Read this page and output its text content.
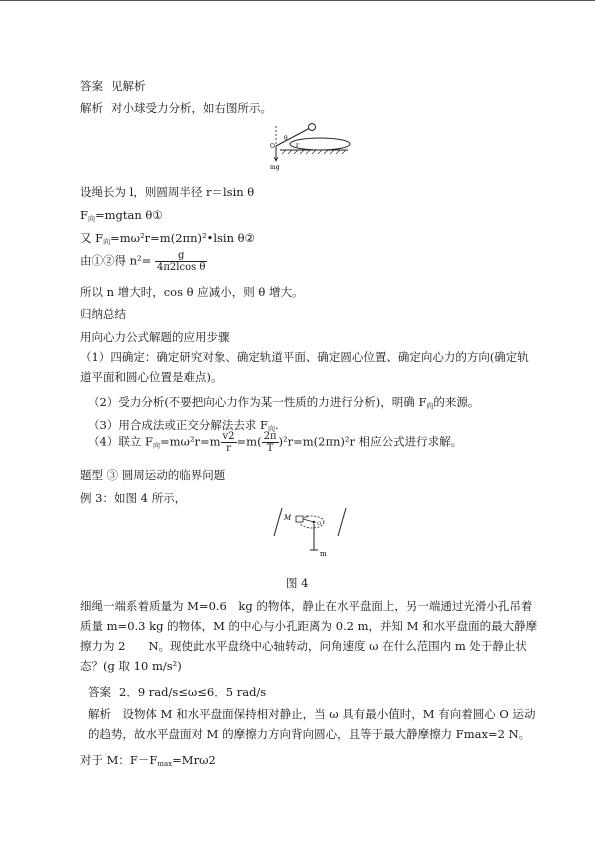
答案 见解析
解析 对小球受力分析，如右图所示。
θ
O	r
mg
设绳长为 l，则圆周半径 r＝lsin θ
$F_向=mgtan$ θ①
又 $F_向=m\omega^2r=m(2\pi n)^2•lsin$ θ②
由①②得 $n^2= \frac{g}{\text{4π2lcos θ}}$
所以 n 增大时，cos θ 应减小，则 θ 增大。
归纳总结
用向心力公式解题的应用步骤
（1）四确定：确定研究对象、确定轨道平面、确定圆心位置、确定向心力的方向(确定轨道平面和圆心位置是难点)。
（2）受力分析(不要把向心力作为某一性质的力进行分析)，明确 $F_向$的来源。
（3）用合成法或正交分解法去求 $F_向$.
（4）联立 $F_向=m\omega^2r=m \frac{v2}{r} =m( \frac{2\pi}{T} )^2r=m(2\pi n)^2r$ 相应公式进行求解。
题型 ③ 圆周运动的临界问题
例 3：如图 4 所示，
M	r
O
m
图 4
细绳一端系着质量为 M=0.6　kg 的物体，静止在水平盘面上，另一端通过光滑小孔吊着质量 m=0.3 kg 的物体，M 的中心与小孔距离为 0.2 m，并知 M 和水平盘面的最大静摩擦力为 2　　N。现使此水平盘绕中心轴转动，问角速度 ω 在什么范围内 m 处于静止状态？(g 取 10 m/s²)
答案 2．9 rad/s≤ω≤6．5 rad/s
解析　设物体 M 和水平盘面保持相对静止，当 ω 具有最小值时，M 有向着圆心 O 运动的趋势，故水平盘面对 M 的摩擦力方向背向圆心，且等于最大静摩擦力 Fmax=2 N。
对于 M：$F-F_{max}=Mr\omega 2$
